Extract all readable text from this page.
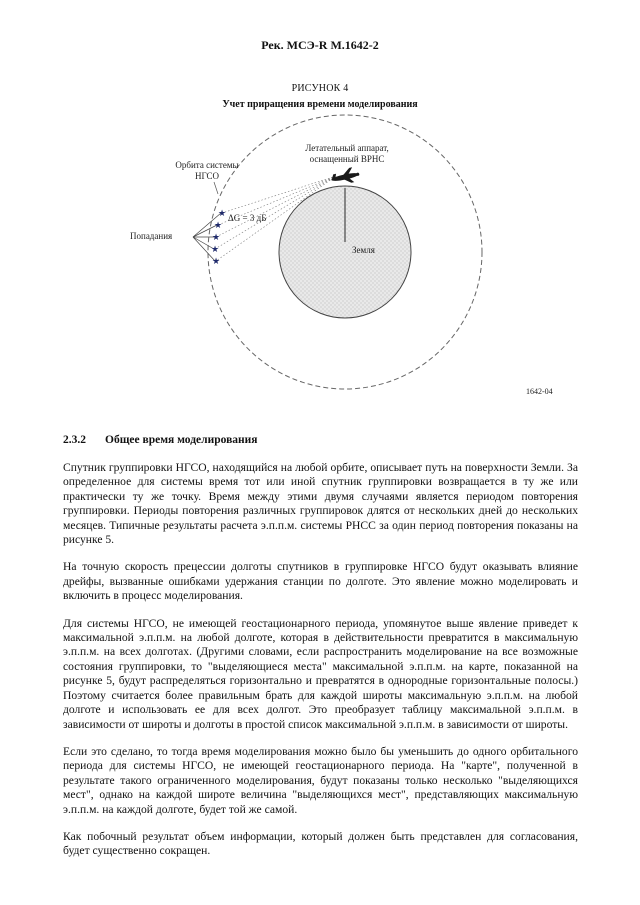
Рек. МСЭ-R M.1642-2
РИСУНОК 4
Учет приращения времени моделирования
★
★
★
★
★
Летательный аппарат,
оснащенный ВРНС
Орбита системы
НГСО
ΔG = 3 дБ
Попадания
Земля
1642-04
2.3.2 Общее время моделирования

Спутник группировки НГСО, находящийся на любой орбите, описывает путь на поверхности Земли. За определенное для системы время тот или иной спутник группировки возвращается в ту же или практически ту же точку. Время между этими двумя случаями является периодом повторения группировки. Периоды повторения различных группировок длятся от нескольких дней до нескольких месяцев. Типичные результаты расчета э.п.п.м. системы РНСС за один период повторения показаны на рисунке 5.

На точную скорость прецессии долготы спутников в группировке НГСО будут оказывать влияние дрейфы, вызванные ошибками удержания станции по долготе. Это явление можно моделировать и включить в процесс моделирования.

Для системы НГСО, не имеющей геостационарного периода, упомянутое выше явление приведет к максимальной э.п.п.м. на любой долготе, которая в действительности превратится в максимальную э.п.п.м. на всех долготах. (Другими словами, если распространить моделирование на все возможные состояния группировки, то "выделяющиеся места" максимальной э.п.п.м. на карте, показанной на рисунке 5, будут распределяться горизонтально и превратятся в однородные горизонтальные полосы.) Поэтому считается более правильным брать для каждой широты максимальную э.п.п.м. на любой долготе и использовать ее для всех долгот. Это преобразует таблицу максимальной э.п.п.м. в зависимости от широты и долготы в простой список максимальной э.п.п.м. в зависимости от широты.

Если это сделано, то тогда время моделирования можно было бы уменьшить до одного орбитального периода для системы НГСО, не имеющей геостационарного периода. На "карте", полученной в результате такого ограниченного моделирования, будут показаны только несколько "выделяющихся мест", однако на каждой широте величина "выделяющихся мест", представляющих максимальную э.п.п.м. на каждой долготе, будет той же самой.

Как побочный результат объем информации, который должен быть представлен для согласования, будет существенно сокращен.
